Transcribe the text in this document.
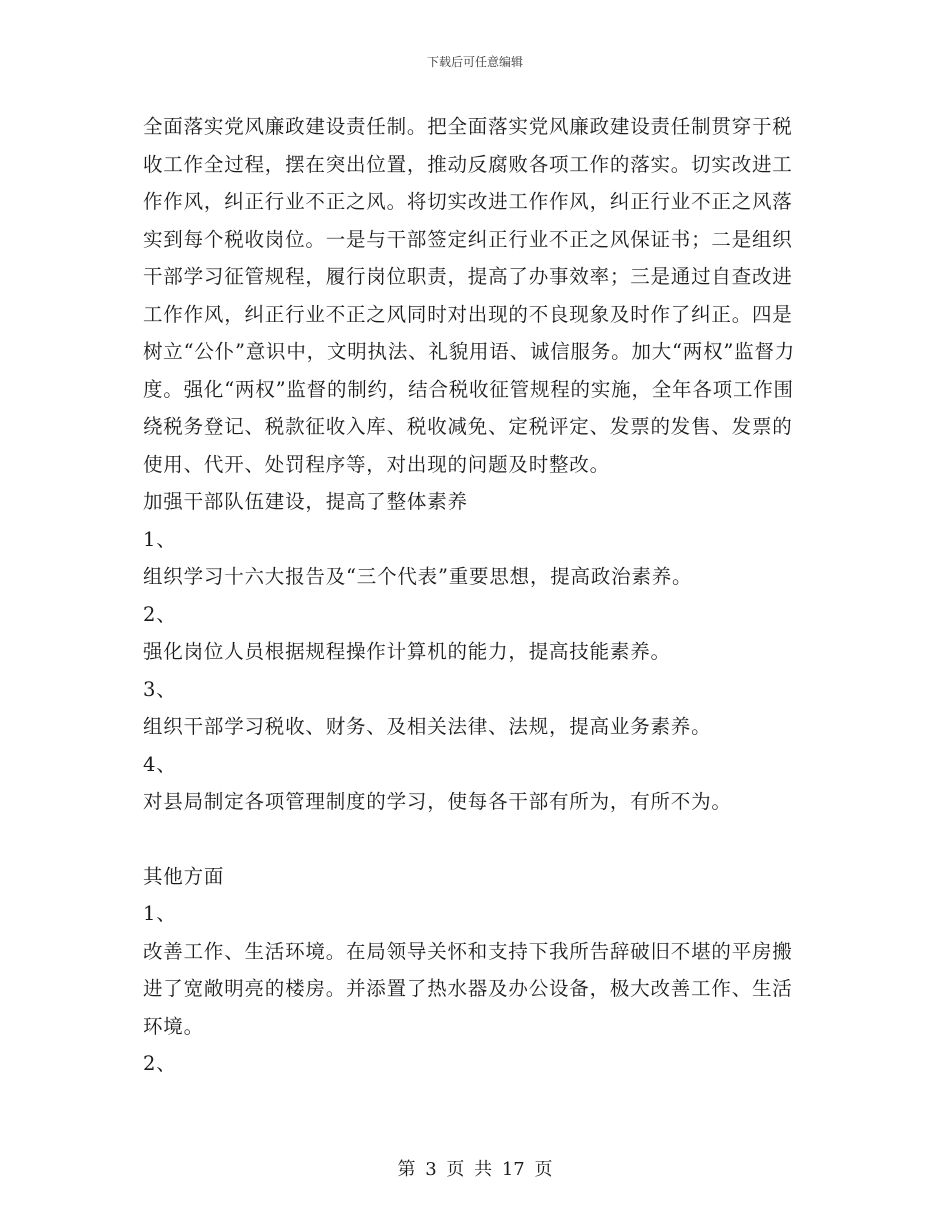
下载后可任意编辑

全面落实党风廉政建设责任制。把全面落实党风廉政建设责任制贯穿于税收工作全过程，摆在突出位置，推动反腐败各项工作的落实。切实改进工作作风，纠正行业不正之风。将切实改进工作作风，纠正行业不正之风落实到每个税收岗位。一是与干部签定纠正行业不正之风保证书；二是组织干部学习征管规程，履行岗位职责，提高了办事效率；三是通过自查改进工作作风，纠正行业不正之风同时对出现的不良现象及时作了纠正。四是树立“公仆”意识中，文明执法、礼貌用语、诚信服务。加大“两权”监督力度。强化“两权”监督的制约，结合税收征管规程的实施，全年各项工作围绕税务登记、税款征收入库、税收减免、定税评定、发票的发售、发票的使用、代开、处罚程序等，对出现的问题及时整改。

加强干部队伍建设，提高了整体素养

1、

组织学习十六大报告及“三个代表”重要思想，提高政治素养。

2、

强化岗位人员根据规程操作计算机的能力，提高技能素养。

3、

组织干部学习税收、财务、及相关法律、法规，提高业务素养。

4、

对县局制定各项管理制度的学习，使每各干部有所为，有所不为。

其他方面

1、

改善工作、生活环境。在局领导关怀和支持下我所告辞破旧不堪的平房搬进了宽敞明亮的楼房。并添置了热水器及办公设备，极大改善工作、生活环境。

2、

第 3 页 共 17 页
